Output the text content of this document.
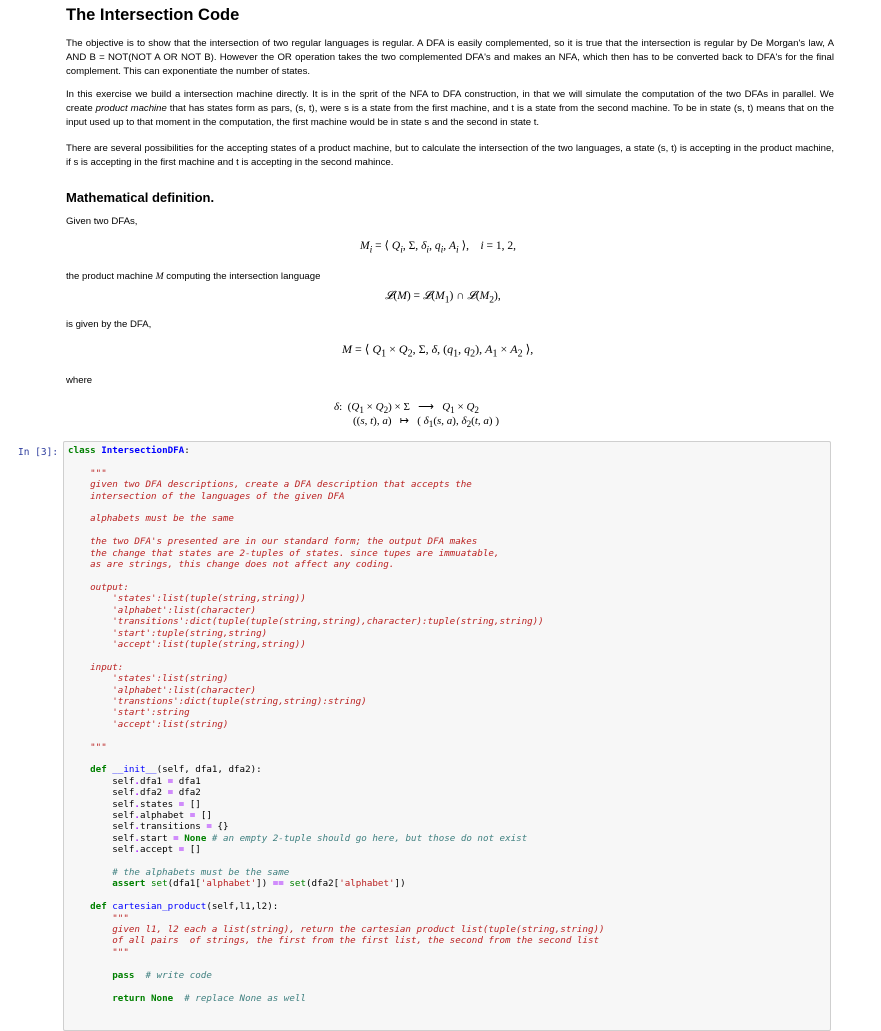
The Intersection Code

The objective is to show that the intersection of two regular languages is regular. A DFA is easily complemented, so it is true that the intersection is regular by De Morgan's law, A AND B = NOT(NOT A OR NOT B). However the OR operation takes the two complemented DFA's and makes an NFA, which then has to be converted back to DFA's for the final complement. This can exponentiate the number of states.

In this exercise we build a intersection machine directly. It is in the sprit of the NFA to DFA construction, in that we will simulate the computation of the two DFAs in parallel. We create product machine that has states form as pars, (s, t), were s is a state from the first machine, and t is a state from the second machine. To be in state (s, t) means that on the input used up to that moment in the computation, the first machine would be in state s and the second in state t.

There are several possibilities for the accepting states of a product machine, but to calculate the intersection of the two languages, a state (s, t) is accepting in the product machine, if s is accepting in the first machine and t is accepting in the second mahince.

Mathematical definition.
Given two DFAs,
$M_i$ = ⟨ $Q_i$, Σ, $\delta_i$, $q_i$, $A_i$ ⟩,    i = 1, 2,
the product machine M computing the intersection language
𝓛(M) = $𝓛(M_1)$ ∩ $𝓛(M_2)$,
is given by the DFA,
M = ⟨ $Q_1 \times Q_2$, Σ, δ, ($q_1$, $q_2$), $A_1 \times A_2$ ⟩,
where
δ:  $(Q_1 \times Q_2) \times \Sigma$   ⟶   $Q_1 \times Q_2$
((s, t), a)   ↦   ( $\delta_1(s$, a), $\delta_2(t$, a) )
In [3]: class IntersectionDFA:

"""
given two DFA descriptions, create a DFA description that accepts the
intersection of the languages of the given DFA

alphabets must be the same

the two DFA's presented are in our standard form; the output DFA makes
the change that states are 2-tuples of states. since tupes are immuatable,
as are strings, this change does not affect any coding.

output:
'states':list(tuple(string,string))
'alphabet':list(character)
'transitions':dict(tuple(tuple(string,string),character):tuple(string,string))
'start':tuple(string,string)
'accept':list(tuple(string,string))

input:
'states':list(string)
'alphabet':list(character)
'transtions':dict(tuple(string,string):string)
'start':string
'accept':list(string)

"""

def __init__(self, dfa1, dfa2):
self.dfa1 = dfa1
self.dfa2 = dfa2
self.states = []
self.alphabet = []
self.transitions = {}
self.start = None # an empty 2-tuple should go here, but those do not exist
self.accept = []

# the alphabets must be the same
assert set(dfa1['alphabet']) == set(dfa2['alphabet'])

def cartesian_product(self,l1,l2):
"""
given l1, l2 each a list(string), return the cartesian product list(tuple(string,string))
of all pairs  of strings, the first from the first list, the second from the second list
"""

pass # write code

return None # replace None as well
